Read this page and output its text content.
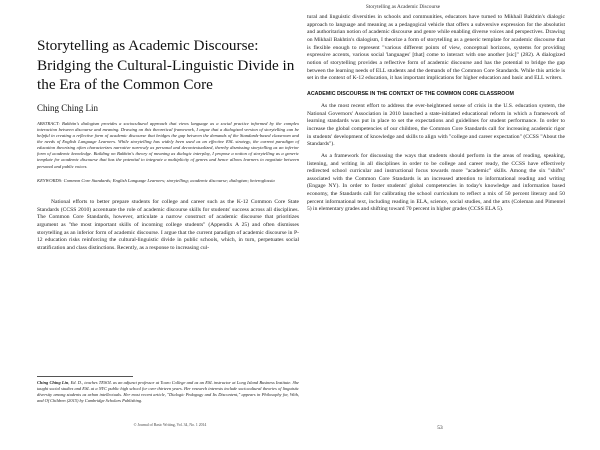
Storytelling as Academic Discourse
Storytelling as Academic Discourse: Bridging the Cultural-Linguistic Divide in the Era of the Common Core
Ching Ching Lin

ABSTRACT: Bakhtin's dialogism provides a sociocultural approach that views language as a social practice informed by the complex interaction between discourse and meaning. Drawing on this theoretical framework, I argue that a dialogized version of storytelling can be helpful in creating a reflective form of academic discourse that bridges the gap between the demands of the Standards-based classroom and the needs of English Language Learners. While storytelling has widely been used as an effective ESL strategy, the current paradigm of education theorizing often characterizes narrative narrowly as personal and decontextualized, thereby dismissing storytelling as an inferior form of academic knowledge. Building on Bakhtin's theory of meaning as dialogic interplay, I propose a notion of storytelling as a generic template for academic discourse that has the potential to integrate a multiplicity of genres and hence allows learners to negotiate between personal and public voices.

KEYWORDS: Common Core Standards; English Language Learners; storytelling; academic discourse; dialogism; heteroglossia

National efforts to better prepare students for college and career such as the K-12 Common Core State Standards (CCSS 2010) accentuate the role of academic discourse skills for students' success across all disciplines. The Common Core Standards, however, articulate a narrow construct of academic discourse that prioritizes argument as "the most important skills of incoming college students" (Appendix A 25) and often dismisses storytelling as an inferior form of academic discourse. I argue that the current paradigm of academic discourse in P-12 education risks reinforcing the cultural-linguistic divide in public schools, which, in turn, perpetuates social stratification and class distinctions. Recently, as a response to increasing cul-

tural and linguistic diversities in schools and communities, educators have turned to Mikhail Bakhtin's dialogic approach to language and meaning as a pedagogical vehicle that offers a subversive expression for the absolutist and authoritarian notion of academic discourse and genre while enabling diverse voices and perspectives. Drawing on Mikhail Bakhtin's dialogism, I theorize a form of storytelling as a generic template for academic discourse that is flexible enough to represent "various different points of view, conceptual horizons, systems for providing expressive accents, various social 'languages' [that] come to interact with one another [sic]" (282). A dialogized notion of storytelling provides a reflective form of academic discourse and has the potential to bridge the gap between the learning needs of ELL students and the demands of the Common Core Standards. While this article is set in the context of K-12 education, it has important implications for higher education and basic and ELL writers.

ACADEMIC DISCOURSE IN THE CONTEXT OF THE COMMON CORE CLASSROOM

As the most recent effort to address the ever-heightened sense of crisis in the U.S. education system, the National Governors' Association in 2010 launched a state-initiated educational reform in which a framework of learning standards was put in place to set the expectations and guidelines for student performance. In order to increase the global competencies of our children, the Common Core Standards call for increasing academic rigor in students' development of knowledge and skills to align with "college and career expectation" (CCSS "About the Standards").

As a framework for discussing the ways that students should perform in the areas of reading, speaking, listening, and writing in all disciplines in order to be college and career ready, the CCSS have effectively redirected school curricular and instructional focus towards more "academic" skills. Among the six "shifts" associated with the Common Core Standards is an increased attention to informational reading and writing (Engage NY). In order to foster students' global competencies in today's knowledge and information based economy, the Standards call for calibrating the school curriculum to reflect a mix of 50 percent literary and 50 percent informational text, including reading in ELA, science, social studies, and the arts (Coleman and Pimentel 5) in elementary grades and shifting toward 70 percent in higher grades (CCSS ELA 5).

Ching Ching Lin, Ed. D., teaches TESOL as an adjunct professor at Touro College and as an ESL instructor at Long Island Business Institute. She taught social studies and ESL at a NYC public high school for over thirteen years. Her research interests include sociocultural theories of linguistic diversity among students as urban intellectuals. Her most recent article, "Dialogic Pedagogy and Its Discontent," appears in Philosophy for, With, and Of Children (2015) by Cambridge Scholars Publishing.

© Journal of Basic Writing, Vol. 34, No. 1 2014	53
